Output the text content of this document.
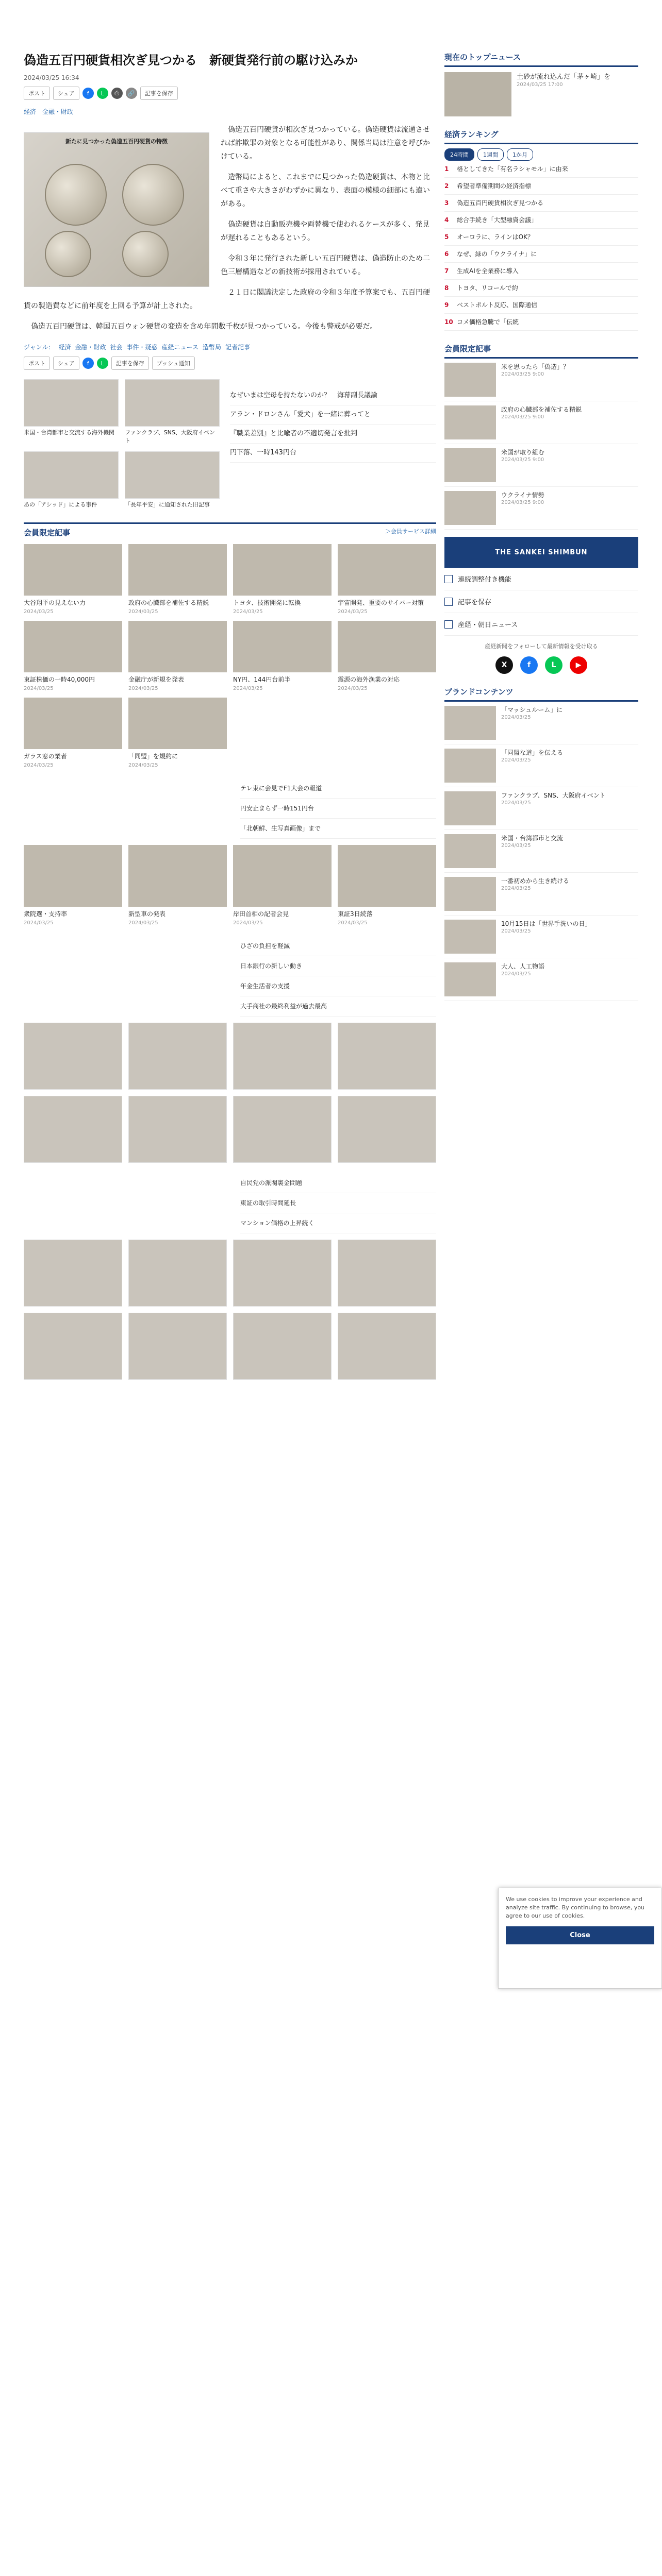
偽造五百円硬貨相次ぎ見つかる　新硬貨発行前の駆け込みか
2024/03/25 16:34
ポスト	シェア	f	L	⎙	🔗	記事を保存
経済　金融・財政
新たに見つかった偽造五百円硬貨の特徴

偽造五百円硬貨が相次ぎ見つかっている。偽造硬貨は流通させれば詐欺罪の対象となる可能性があり、関係当局は注意を呼びかけている。

造幣局によると、これまでに見つかった偽造硬貨は、本物と比べて重さや大きさがわずかに異なり、表面の模様の細部にも違いがある。

偽造硬貨は自動販売機や両替機で使われるケースが多く、発見が遅れることもあるという。

令和３年に発行された新しい五百円硬貨は、偽造防止のため二色三層構造などの新技術が採用されている。

２１日に閣議決定した政府の令和３年度予算案でも、五百円硬貨の製造費などに前年度を上回る予算が計上された。

偽造五百円硬貨は、韓国五百ウォン硬貨の変造を含め年間数千枚が見つかっている。今後も警戒が必要だ。

ジャンル： 経済 金融・財政 社会 事件・疑惑 産経ニュース 造幣局 記者記事
ポスト	シェア	f	L	記事を保存	プッシュ通知
米国・台湾都市と交流する海外機関	ファンクラブ、SNS、大阪府イベント
あの「アシッド」による事件	「長年平安」に通知された旧記事
なぜいまは空母を持たないのか？　海幕副長議論
アラン・ドロンさん「愛犬」を一緒に葬ってと
『職業差別』と比喩者の不適切発言を批判
円下落、一時143円台
会員限定記事	＞会員サービス詳細
大谷翔平の見えない力
2024/03/25
政府の心臓部を補佐する精鋭
2024/03/25
トヨタ、技術開発に転換
2024/03/25
宇宙開発、重要のサイバー対策
2024/03/25
東証株価の一時40,000円
2024/03/25
金融庁が新規を発表
2024/03/25
NY円、144円台前半
2024/03/25
震源の海外漁業の対応
2024/03/25
ガラス窓の業者
2024/03/25
「同盟」を規約に
2024/03/25
テレ東に会見でF1大会の報道
円安止まらず一時151円台
「北朝鮮、生写真画像」まで
衆院選・支持率
2024/03/25
新型車の発表
2024/03/25
岸田首相の記者会見
2024/03/25
東証3日続落
2024/03/25
ひざの負担を軽減
日本銀行の新しい動き
年金生活者の支援
大手商社の最終利益が過去最高
自民党の派閥裏金問題
東証の取引時間延長
マンション価格の上昇続く
現在のトップニュース
土砂が流れ込んだ「茅ヶ崎」を
2024/03/25 17:00
経済ランキング
24時間	1週間	1か月
1	格としてきた「有名ラシャモル」に由来
2	希望者準備期間の経済指標
3	偽造五百円硬貨相次ぎ見つかる
4	総合手続き「大型融資会議」
5	オーロラに、ラインはOK？
6	なぜ、緑の「ウクライナ」に
7	生成AIを全業務に導入
8	トヨタ、リコールで約
9	ベストポルト反応、国際通信
10 コメ価格急騰で「伝統
会員限定記事
米を思ったら「偽造」？
2024/03/25 9:00
政府の心臓部を補佐する精鋭
2024/03/25 9:00
米国が取り組む
2024/03/25 9:00
ウクライナ情勢
2024/03/25 9:00
THE SANKEI SHIMBUN
連続調整付き機能
記事を保存
産経・朝日ニュース
産経新聞をフォローして最新情報を受け取る
X	f	L	▶
ブランドコンテンツ
「マッシュルーム」に
2024/03/25
「同盟な道」を伝える
2024/03/25
ファンクラブ、SNS、大阪府イベント
2024/03/25
米国・台湾都市と交流
2024/03/25
一番初めから生き続ける
2024/03/25
10月15日は「世界手洗いの日」
2024/03/25
大人、人工物語
2024/03/25
We use cookies to improve your experience and analyze site traffic. By continuing to browse, you agree to our use of cookies.
Close
